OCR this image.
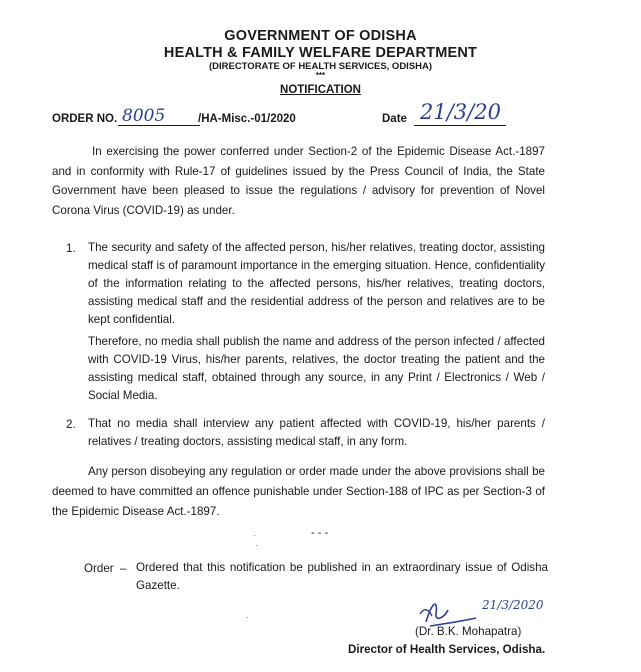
GOVERNMENT OF ODISHA

HEALTH & FAMILY WELFARE DEPARTMENT

(DIRECTORATE OF HEALTH SERVICES, ODISHA)

***

NOTIFICATION

ORDER NO. 8005	/HA-Misc.-01/2020	Date 21/3/20

In exercising the power conferred under Section-2 of the Epidemic Disease Act.-1897 and in conformity with Rule-17 of guidelines issued by the Press Council of India, the State Government have been pleased to issue the regulations / advisory for prevention of Novel Corona Virus (COVID-19) as under.

1. The security and safety of the affected person, his/her relatives, treating doctor, assisting medical staff is of paramount importance in the emerging situation. Hence, confidentiality of the information relating to the affected persons, his/her relatives, treating doctors, assisting medical staff and the residential address of the person and relatives are to be kept confidential.

Therefore, no media shall publish the name and address of the person infected / affected with COVID-19 Virus, his/her parents, relatives, the doctor treating the patient and the assisting medical staff, obtained through any source, in any Print / Electronics / Web / Social Media.

2. That no media shall interview any patient affected with COVID-19, his/her parents / relatives / treating doctors, assisting medical staff, in any form.

Any person disobeying any regulation or order made under the above provisions shall be deemed to have committed an offence punishable under Section-188 of IPC as per Section-3 of the Epidemic Disease Act.-1897.

·
·
- - -
Order – Ordered that this notification be published in an extraordinary issue of Odisha Gazette.

·
21/3/2020
(Dr. B.K. Mohapatra)
Director of Health Services, Odisha.
